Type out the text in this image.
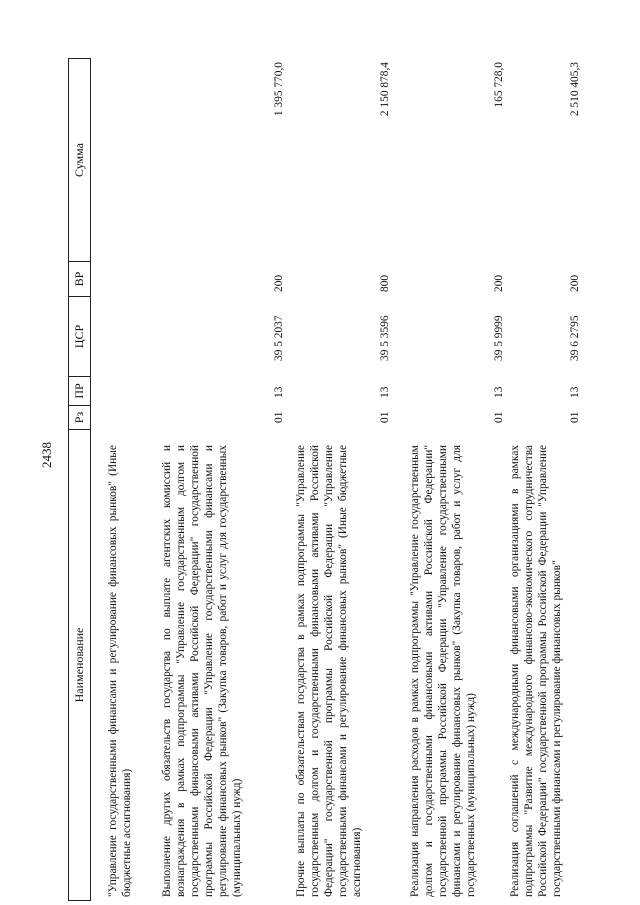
2438
Наименование
Рз
ПР
ЦСР
ВР
Сумма
"Управление государственными финансами и регулирование финансовых рынков" (Иные бюджетные ассигнования) Выполнение других обязательств государства по выплате агентских комиссий и вознаграждения в рамках подпрограммы "Управление государственным долгом и государственными финансовыми активами Российской Федерации" государственной программы Российской Федерации "Управление государственными финансами и регулирование финансовых рынков" (Закупка товаров, работ и услуг для государственных (муниципальных) нужд)
01
13
39 5 2037
200
1 395 770,0
Прочие выплаты по обязательствам государства в рамках подпрограммы "Управление государственным долгом и государственными финансовыми активами Российской Федерации" государственной программы Российской Федерации "Управление государственными финансами и регулирование финансовых рынков" (Иные бюджетные ассигнования)
01
13
39 5 3596
800
2 150 878,4
Реализация направления расходов в рамках подпрограммы "Управление государственным долгом и государственными финансовыми активами Российской Федерации" государственной программы Российской Федерации "Управление государственными финансами и регулирование финансовых рынков" (Закупка товаров, работ и услуг для государственных (муниципальных) нужд)
01
13
39 5 9999
200
165 728,0
Реализация соглашений с международными финансовыми организациями в рамках подпрограммы "Развитие международного финансово-экономического сотрудничества Российской Федерации" государственной программы Российской Федерации "Управление государственными финансами и регулирование финансовых рынков"
01
13
39 6 2795
200
2 510 405,3
